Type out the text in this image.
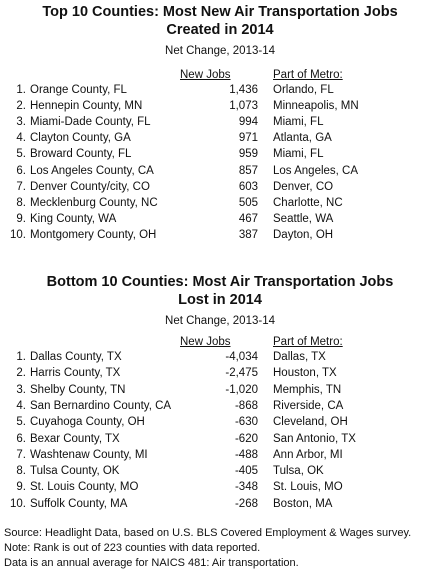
Top 10 Counties: Most New Air Transportation Jobs
Created in 2014
Net Change, 2013-14
New Jobs	Part of Metro:
1. Orange County, FL	1,436 Orlando, FL
2. Hennepin County, MN	1,073 Minneapolis, MN
3. Miami-Dade County, FL	994 Miami, FL
4. Clayton County, GA	971 Atlanta, GA
5. Broward County, FL	959 Miami, FL
6. Los Angeles County, CA	857 Los Angeles, CA
7. Denver County/city, CO	603 Denver, CO
8. Mecklenburg County, NC	505 Charlotte, NC
9. King County, WA	467 Seattle, WA
10. Montgomery County, OH	387 Dayton, OH
Bottom 10 Counties: Most Air Transportation Jobs
Lost in 2014
Net Change, 2013-14
New Jobs	Part of Metro:
1. Dallas County, TX	-4,034 Dallas, TX
2. Harris County, TX	-2,475 Houston, TX
3. Shelby County, TN	-1,020 Memphis, TN
4. San Bernardino County, CA	-868 Riverside, CA
5. Cuyahoga County, OH	-630 Cleveland, OH
6. Bexar County, TX	-620 San Antonio, TX
7. Washtenaw County, MI	-488 Ann Arbor, MI
8. Tulsa County, OK	-405 Tulsa, OK
9. St. Louis County, MO	-348 St. Louis, MO
10. Suffolk County, MA	-268 Boston, MA
Source: Headlight Data, based on U.S. BLS Covered Employment & Wages survey.
Note: Rank is out of 223 counties with data reported.
Data is an annual average for NAICS 481: Air transportation.
